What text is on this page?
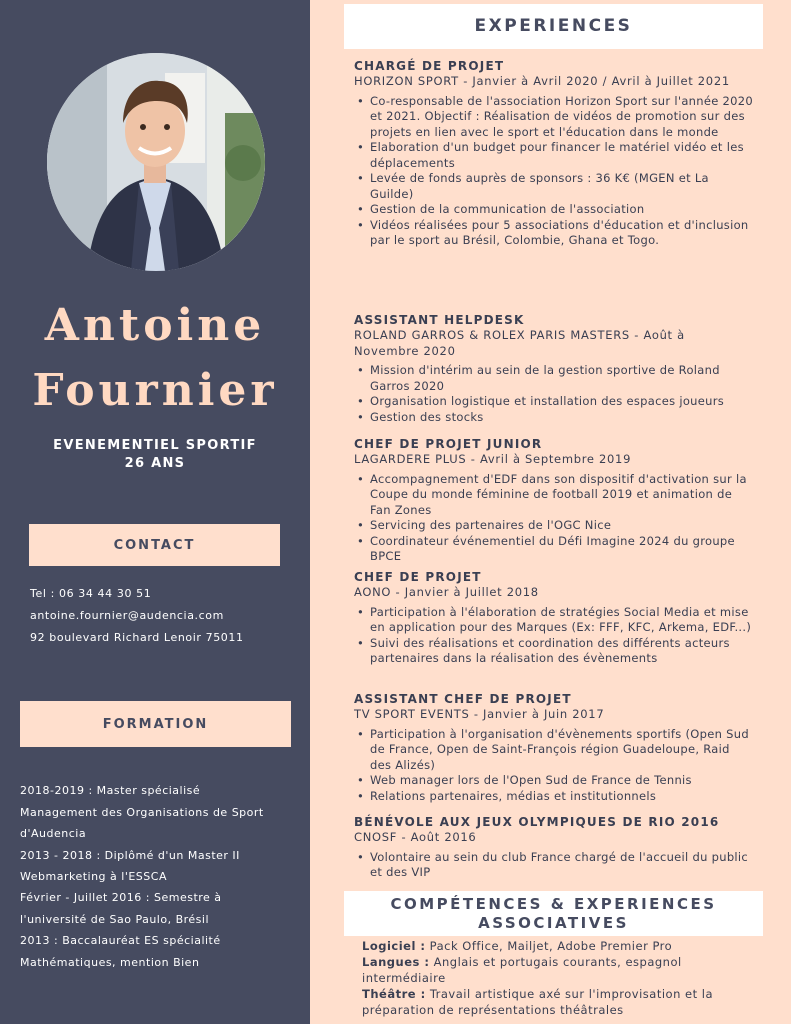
Antoine
Fournier
EVENEMENTIEL SPORTIF
26 ANS
CONTACT
Tel : 06 34 44 30 51
antoine.fournier@audencia.com
92 boulevard Richard Lenoir 75011
FORMATION
2018-2019 : Master spécialisé
Management des Organisations de Sport
d'Audencia
2013 - 2018 : Diplômé d'un Master II
Webmarketing à l'ESSCA
Février - Juillet 2016 : Semestre à
l'université de Sao Paulo, Brésil
2013 : Baccalauréat ES spécialité
Mathématiques, mention Bien
EXPERIENCES
CHARGÉ DE PROJET
HORIZON SPORT - Janvier à Avril 2020 / Avril à Juillet 2021
• Co-responsable de l'association Horizon Sport sur l'année 2020 et 2021. Objectif : Réalisation de vidéos de promotion sur des projets en lien avec le sport et l'éducation dans le monde
• Elaboration d'un budget pour financer le matériel vidéo et les déplacements
• Levée de fonds auprès de sponsors : 36 K€ (MGEN et La Guilde)
• Gestion de la communication de l'association
• Vidéos réalisées pour 5 associations d'éducation et d'inclusion par le sport au Brésil, Colombie, Ghana et Togo.
ASSISTANT HELPDESK
ROLAND GARROS & ROLEX PARIS MASTERS - Août à Novembre 2020
• Mission d'intérim au sein de la gestion sportive de Roland Garros 2020
• Organisation logistique et installation des espaces joueurs
• Gestion des stocks
CHEF DE PROJET JUNIOR
LAGARDERE PLUS - Avril à Septembre 2019
• Accompagnement d'EDF dans son dispositif d'activation sur la Coupe du monde féminine de football 2019 et animation de Fan Zones
• Servicing des partenaires de l'OGC Nice
• Coordinateur événementiel du Défi Imagine 2024 du groupe BPCE
CHEF DE PROJET
AONO - Janvier à Juillet 2018
• Participation à l'élaboration de stratégies Social Media et mise en application pour des Marques (Ex: FFF, KFC, Arkema, EDF...)
• Suivi des réalisations et coordination des différents acteurs partenaires dans la réalisation des évènements
ASSISTANT CHEF DE PROJET
TV SPORT EVENTS - Janvier à Juin 2017
• Participation à l'organisation d'évènements sportifs (Open Sud de France, Open de Saint-François région Guadeloupe, Raid des Alizés)
• Web manager lors de l'Open Sud de France de Tennis
• Relations partenaires, médias et institutionnels
BÉNÉVOLE AUX JEUX OLYMPIQUES DE RIO 2016
CNOSF - Août 2016
• Volontaire au sein du club France chargé de l'accueil du public et des VIP
COMPÉTENCES & EXPERIENCES
ASSOCIATIVES
Logiciel : Pack Office, Mailjet, Adobe Premier Pro
Langues : Anglais et portugais courants, espagnol intermédiaire
Théâtre : Travail artistique axé sur l'improvisation et la préparation de représentations théâtrales
